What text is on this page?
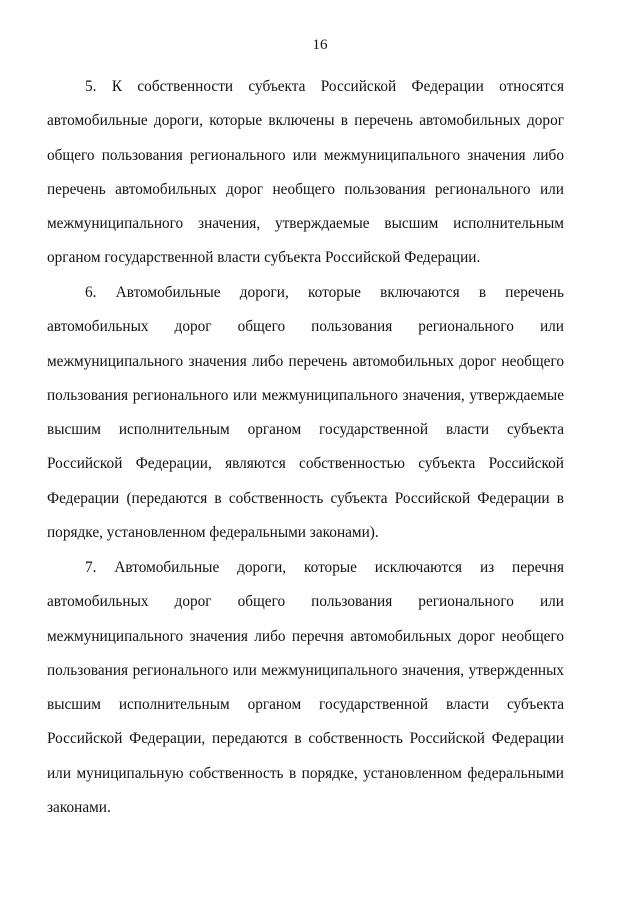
16
5. К собственности субъекта Российской Федерации относятся
автомобильные дороги, которые включены в перечень автомобильных дорог
общего пользования регионального или межмуниципального значения либо
перечень автомобильных дорог необщего пользования регионального или
межмуниципального значения, утверждаемые высшим исполнительным
органом государственной власти субъекта Российской Федерации.
6. Автомобильные дороги, которые включаются в перечень
автомобильных дорог общего пользования регионального или
межмуниципального значения либо перечень автомобильных дорог необщего
пользования регионального или межмуниципального значения, утверждаемые
высшим исполнительным органом государственной власти субъекта
Российской Федерации, являются собственностью субъекта Российской
Федерации (передаются в собственность субъекта Российской Федерации в
порядке, установленном федеральными законами).
7. Автомобильные дороги, которые исключаются из перечня
автомобильных дорог общего пользования регионального или
межмуниципального значения либо перечня автомобильных дорог необщего
пользования регионального или межмуниципального значения, утвержденных
высшим исполнительным органом государственной власти субъекта
Российской Федерации, передаются в собственность Российской Федерации
или муниципальную собственность в порядке, установленном федеральными
законами.
